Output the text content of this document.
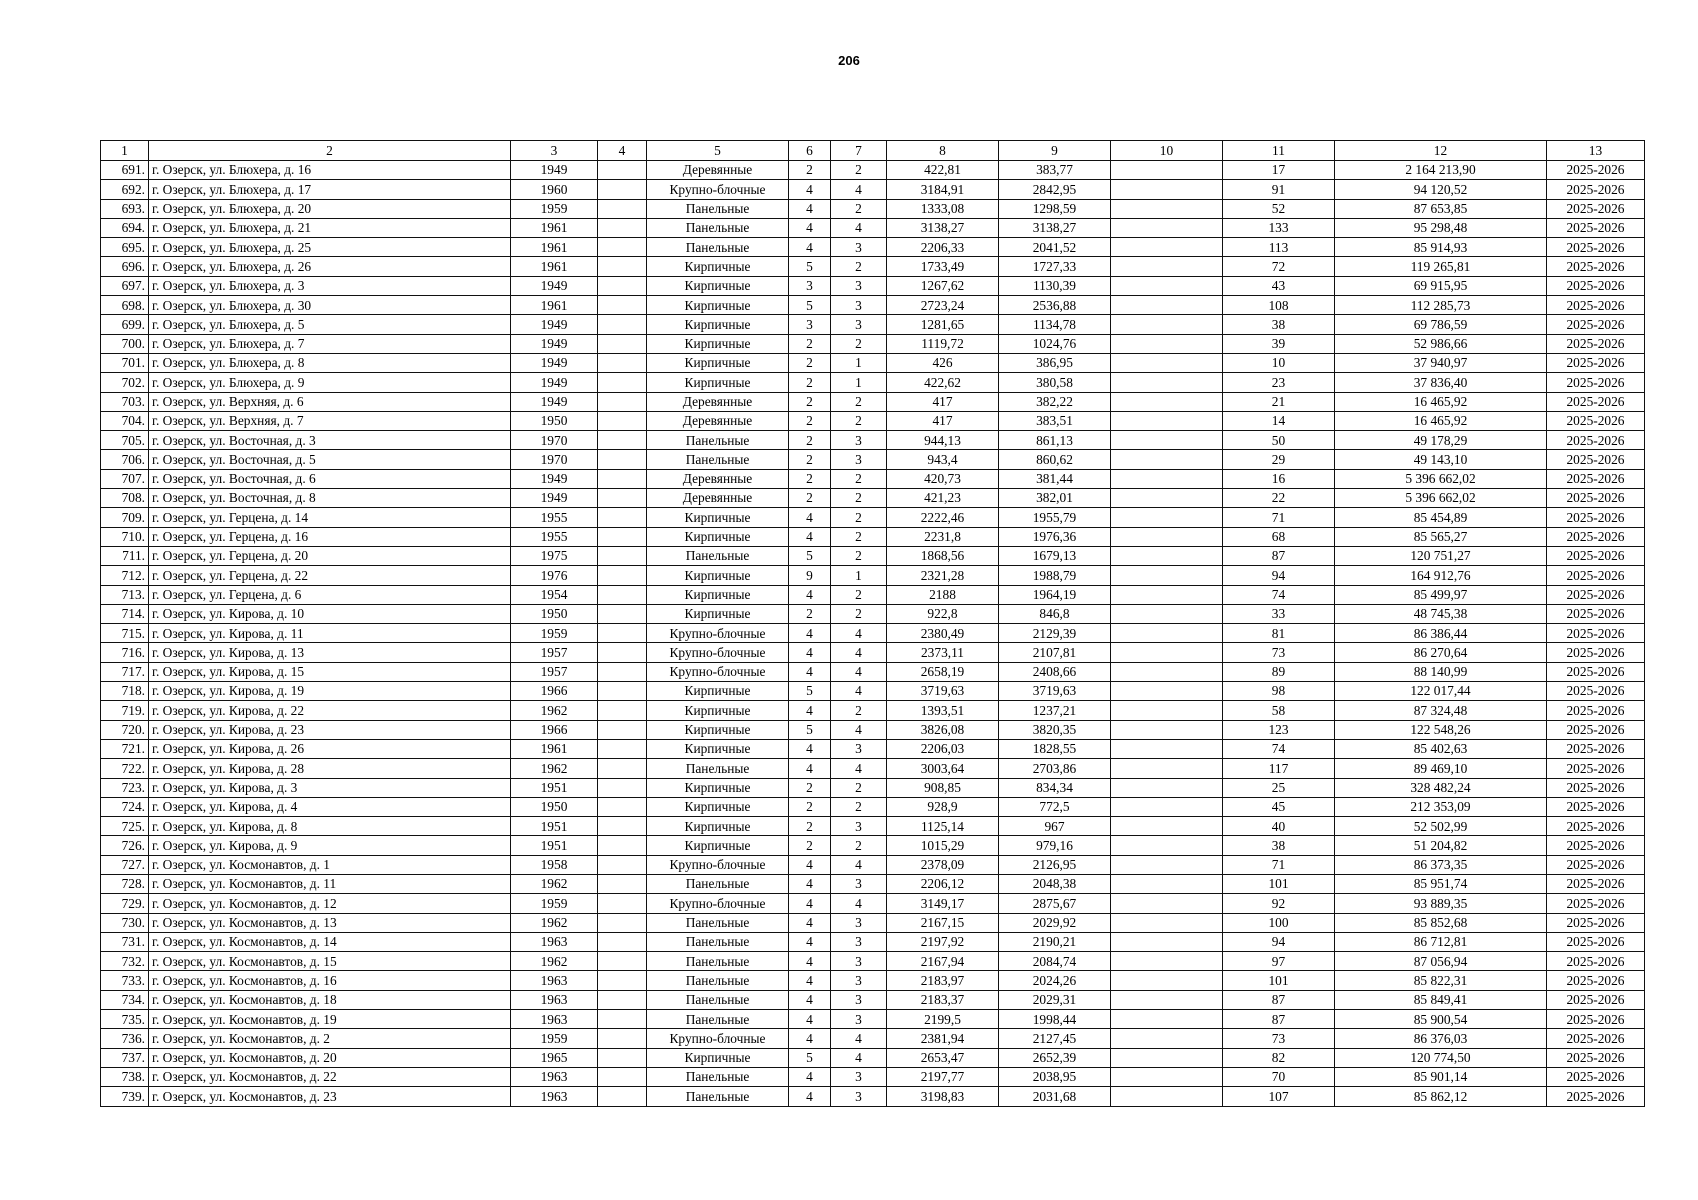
206
1	2	3	4	5	6	7	8	9	10	11	12	13
691.	г. Озерск, ул. Блюхера, д. 16	1949		Деревянные	2	2	422,81	383,77		17	2 164 213,90	2025-2026
692.	г. Озерск, ул. Блюхера, д. 17	1960		Крупно-блочные	4	4	3184,91	2842,95		91	94 120,52	2025-2026
693.	г. Озерск, ул. Блюхера, д. 20	1959		Панельные	4	2	1333,08	1298,59		52	87 653,85	2025-2026
694.	г. Озерск, ул. Блюхера, д. 21	1961		Панельные	4	4	3138,27	3138,27		133	95 298,48	2025-2026
695.	г. Озерск, ул. Блюхера, д. 25	1961		Панельные	4	3	2206,33	2041,52		113	85 914,93	2025-2026
696.	г. Озерск, ул. Блюхера, д. 26	1961		Кирпичные	5	2	1733,49	1727,33		72	119 265,81	2025-2026
697.	г. Озерск, ул. Блюхера, д. 3	1949		Кирпичные	3	3	1267,62	1130,39		43	69 915,95	2025-2026
698.	г. Озерск, ул. Блюхера, д. 30	1961		Кирпичные	5	3	2723,24	2536,88		108	112 285,73	2025-2026
699.	г. Озерск, ул. Блюхера, д. 5	1949		Кирпичные	3	3	1281,65	1134,78		38	69 786,59	2025-2026
700.	г. Озерск, ул. Блюхера, д. 7	1949		Кирпичные	2	2	1119,72	1024,76		39	52 986,66	2025-2026
701.	г. Озерск, ул. Блюхера, д. 8	1949		Кирпичные	2	1	426	386,95		10	37 940,97	2025-2026
702.	г. Озерск, ул. Блюхера, д. 9	1949		Кирпичные	2	1	422,62	380,58		23	37 836,40	2025-2026
703.	г. Озерск, ул. Верхняя, д. 6	1949		Деревянные	2	2	417	382,22		21	16 465,92	2025-2026
704.	г. Озерск, ул. Верхняя, д. 7	1950		Деревянные	2	2	417	383,51		14	16 465,92	2025-2026
705.	г. Озерск, ул. Восточная, д. 3	1970		Панельные	2	3	944,13	861,13		50	49 178,29	2025-2026
706.	г. Озерск, ул. Восточная, д. 5	1970		Панельные	2	3	943,4	860,62		29	49 143,10	2025-2026
707.	г. Озерск, ул. Восточная, д. 6	1949		Деревянные	2	2	420,73	381,44		16	5 396 662,02	2025-2026
708.	г. Озерск, ул. Восточная, д. 8	1949		Деревянные	2	2	421,23	382,01		22	5 396 662,02	2025-2026
709.	г. Озерск, ул. Герцена, д. 14	1955		Кирпичные	4	2	2222,46	1955,79		71	85 454,89	2025-2026
710.	г. Озерск, ул. Герцена, д. 16	1955		Кирпичные	4	2	2231,8	1976,36		68	85 565,27	2025-2026
711.	г. Озерск, ул. Герцена, д. 20	1975		Панельные	5	2	1868,56	1679,13		87	120 751,27	2025-2026
712.	г. Озерск, ул. Герцена, д. 22	1976		Кирпичные	9	1	2321,28	1988,79		94	164 912,76	2025-2026
713.	г. Озерск, ул. Герцена, д. 6	1954		Кирпичные	4	2	2188	1964,19		74	85 499,97	2025-2026
714.	г. Озерск, ул. Кирова, д. 10	1950		Кирпичные	2	2	922,8	846,8		33	48 745,38	2025-2026
715.	г. Озерск, ул. Кирова, д. 11	1959		Крупно-блочные	4	4	2380,49	2129,39		81	86 386,44	2025-2026
716.	г. Озерск, ул. Кирова, д. 13	1957		Крупно-блочные	4	4	2373,11	2107,81		73	86 270,64	2025-2026
717.	г. Озерск, ул. Кирова, д. 15	1957		Крупно-блочные	4	4	2658,19	2408,66		89	88 140,99	2025-2026
718.	г. Озерск, ул. Кирова, д. 19	1966		Кирпичные	5	4	3719,63	3719,63		98	122 017,44	2025-2026
719.	г. Озерск, ул. Кирова, д. 22	1962		Кирпичные	4	2	1393,51	1237,21		58	87 324,48	2025-2026
720.	г. Озерск, ул. Кирова, д. 23	1966		Кирпичные	5	4	3826,08	3820,35		123	122 548,26	2025-2026
721.	г. Озерск, ул. Кирова, д. 26	1961		Кирпичные	4	3	2206,03	1828,55		74	85 402,63	2025-2026
722.	г. Озерск, ул. Кирова, д. 28	1962		Панельные	4	4	3003,64	2703,86		117	89 469,10	2025-2026
723.	г. Озерск, ул. Кирова, д. 3	1951		Кирпичные	2	2	908,85	834,34		25	328 482,24	2025-2026
724.	г. Озерск, ул. Кирова, д. 4	1950		Кирпичные	2	2	928,9	772,5		45	212 353,09	2025-2026
725.	г. Озерск, ул. Кирова, д. 8	1951		Кирпичные	2	3	1125,14	967		40	52 502,99	2025-2026
726.	г. Озерск, ул. Кирова, д. 9	1951		Кирпичные	2	2	1015,29	979,16		38	51 204,82	2025-2026
727.	г. Озерск, ул. Космонавтов, д. 1	1958		Крупно-блочные	4	4	2378,09	2126,95		71	86 373,35	2025-2026
728.	г. Озерск, ул. Космонавтов, д. 11	1962		Панельные	4	3	2206,12	2048,38		101	85 951,74	2025-2026
729.	г. Озерск, ул. Космонавтов, д. 12	1959		Крупно-блочные	4	4	3149,17	2875,67		92	93 889,35	2025-2026
730.	г. Озерск, ул. Космонавтов, д. 13	1962		Панельные	4	3	2167,15	2029,92		100	85 852,68	2025-2026
731.	г. Озерск, ул. Космонавтов, д. 14	1963		Панельные	4	3	2197,92	2190,21		94	86 712,81	2025-2026
732.	г. Озерск, ул. Космонавтов, д. 15	1962		Панельные	4	3	2167,94	2084,74		97	87 056,94	2025-2026
733.	г. Озерск, ул. Космонавтов, д. 16	1963		Панельные	4	3	2183,97	2024,26		101	85 822,31	2025-2026
734.	г. Озерск, ул. Космонавтов, д. 18	1963		Панельные	4	3	2183,37	2029,31		87	85 849,41	2025-2026
735.	г. Озерск, ул. Космонавтов, д. 19	1963		Панельные	4	3	2199,5	1998,44		87	85 900,54	2025-2026
736.	г. Озерск, ул. Космонавтов, д. 2	1959		Крупно-блочные	4	4	2381,94	2127,45		73	86 376,03	2025-2026
737.	г. Озерск, ул. Космонавтов, д. 20	1965		Кирпичные	5	4	2653,47	2652,39		82	120 774,50	2025-2026
738.	г. Озерск, ул. Космонавтов, д. 22	1963		Панельные	4	3	2197,77	2038,95		70	85 901,14	2025-2026
739.	г. Озерск, ул. Космонавтов, д. 23	1963		Панельные	4	3	3198,83	2031,68		107	85 862,12	2025-2026
